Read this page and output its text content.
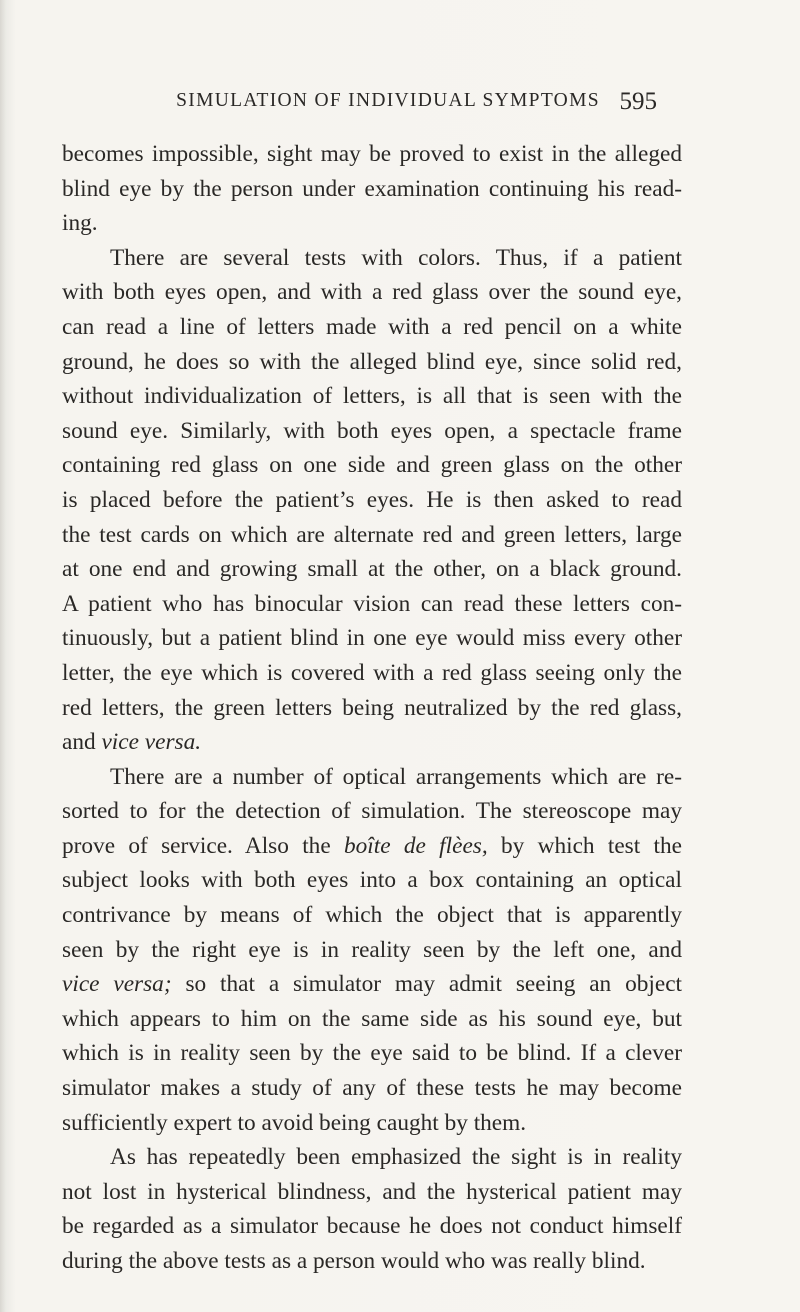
SIMULATION OF INDIVIDUAL SYMPTOMS 595
becomes impossible, sight may be proved to exist in the alleged
blind eye by the person under examination continuing his read-
ing.
There are several tests with colors. Thus, if a patient
with both eyes open, and with a red glass over the sound eye,
can read a line of letters made with a red pencil on a white
ground, he does so with the alleged blind eye, since solid red,
without individualization of letters, is all that is seen with the
sound eye. Similarly, with both eyes open, a spectacle frame
containing red glass on one side and green glass on the other
is placed before the patient’s eyes. He is then asked to read
the test cards on which are alternate red and green letters, large
at one end and growing small at the other, on a black ground.
A patient who has binocular vision can read these letters con-
tinuously, but a patient blind in one eye would miss every other
letter, the eye which is covered with a red glass seeing only the
red letters, the green letters being neutralized by the red glass,
and vice versa.
There are a number of optical arrangements which are re-
sorted to for the detection of simulation. The stereoscope may
prove of service. Also the boîte de flèes, by which test the
subject looks with both eyes into a box containing an optical
contrivance by means of which the object that is apparently
seen by the right eye is in reality seen by the left one, and
vice versa; so that a simulator may admit seeing an object
which appears to him on the same side as his sound eye, but
which is in reality seen by the eye said to be blind. If a clever
simulator makes a study of any of these tests he may become
sufficiently expert to avoid being caught by them.
As has repeatedly been emphasized the sight is in reality
not lost in hysterical blindness, and the hysterical patient may
be regarded as a simulator because he does not conduct himself
during the above tests as a person would who was really blind.
